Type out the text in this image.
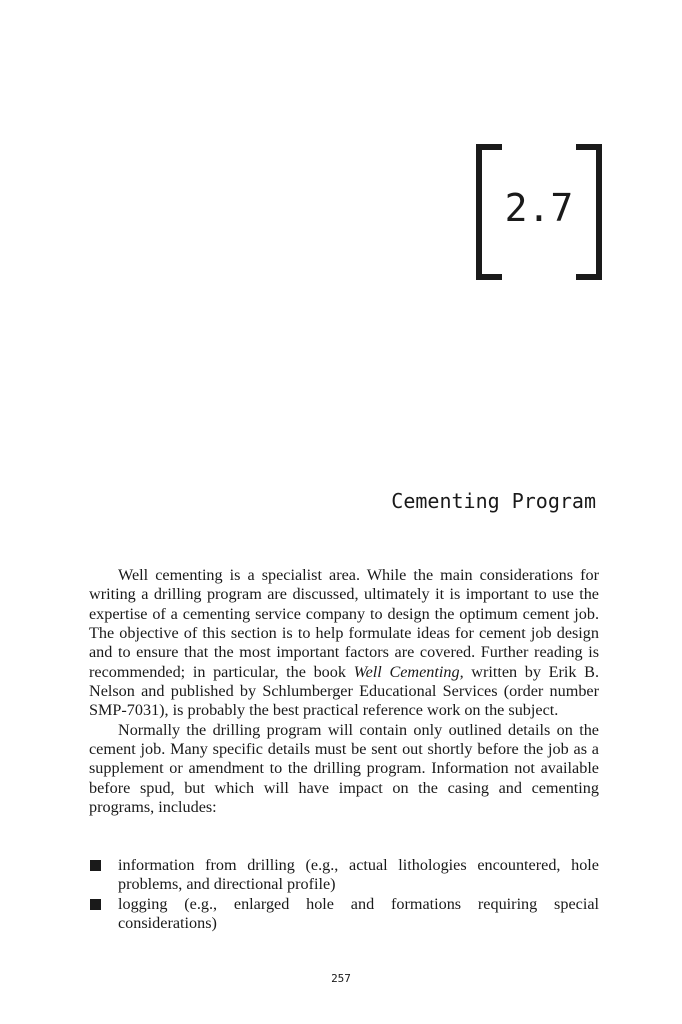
2.7
Cementing Program

Well cementing is a specialist area. While the main considerations for writing a drilling program are discussed, ultimately it is important to use the expertise of a cementing service company to design the optimum cement job. The objective of this section is to help formulate ideas for cement job design and to ensure that the most important factors are covered. Further reading is recommended; in particular, the book Well Cementing, written by Erik B. Nelson and published by Schlumberger Educational Services (order number SMP-7031), is probably the best practical reference work on the subject.

Normally the drilling program will contain only outlined details on the cement job. Many specific details must be sent out shortly before the job as a supplement or amendment to the drilling program. Information not available before spud, but which will have impact on the casing and cementing programs, includes:

information from drilling (e.g., actual lithologies encountered, hole problems, and directional profile)
logging (e.g., enlarged hole and formations requiring special considerations)
257
